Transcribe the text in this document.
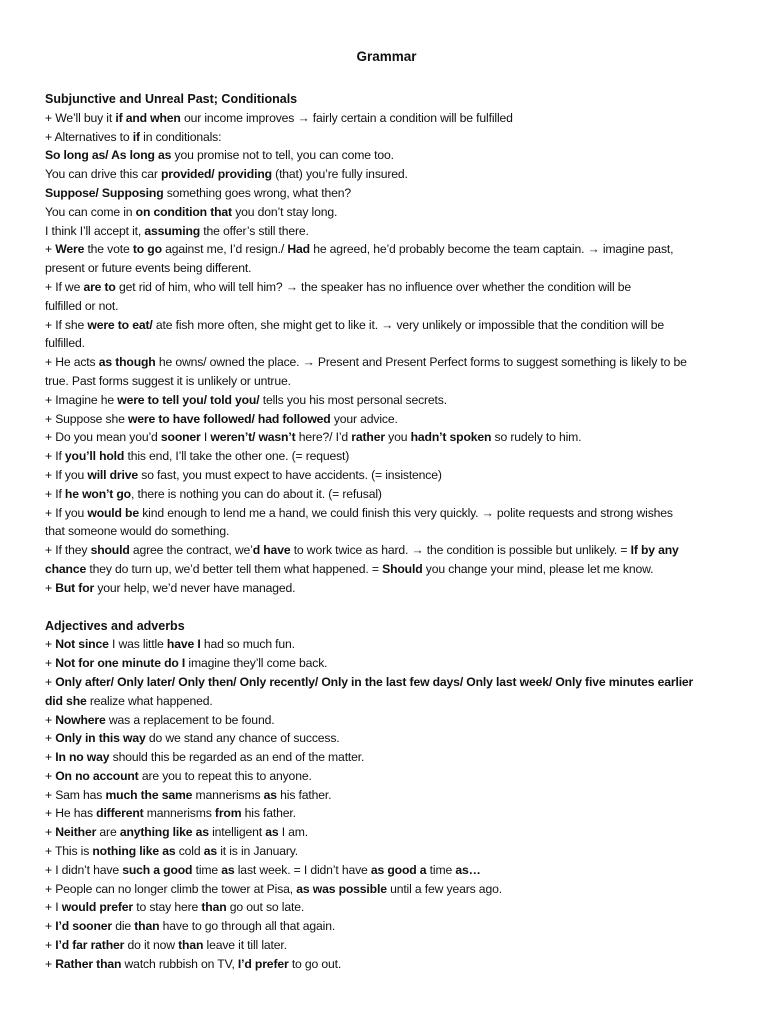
Grammar
Subjunctive and Unreal Past; Conditionals
+ We’ll buy it if and when our income improves → fairly certain a condition will be fulfilled
+ Alternatives to if in conditionals:
So long as/ As long as you promise not to tell, you can come too.
You can drive this car provided/ providing (that) you’re fully insured.
Suppose/ Supposing something goes wrong, what then?
You can come in on condition that you don’t stay long.
I think I’ll accept it, assuming the offer’s still there.
+ Were the vote to go against me, I’d resign./ Had he agreed, he’d probably become the team captain. → imagine past,
present or future events being different.
+ If we are to get rid of him, who will tell him? → the speaker has no influence over whether the condition will be
fulfilled or not.
+ If she were to eat/ ate fish more often, she might get to like it. → very unlikely or impossible that the condition will be
fulfilled.
+ He acts as though he owns/ owned the place. → Present and Present Perfect forms to suggest something is likely to be
true. Past forms suggest it is unlikely or untrue.
+ Imagine he were to tell you/ told you/ tells you his most personal secrets.
+ Suppose she were to have followed/ had followed your advice.
+ Do you mean you’d sooner I weren’t/ wasn’t here?/ I’d rather you hadn’t spoken so rudely to him.
+ If you’ll hold this end, I’ll take the other one. (= request)
+ If you will drive so fast, you must expect to have accidents. (= insistence)
+ If he won’t go, there is nothing you can do about it. (= refusal)
+ If you would be kind enough to lend me a hand, we could finish this very quickly. → polite requests and strong wishes
that someone would do something.
+ If they should agree the contract, we’d have to work twice as hard. → the condition is possible but unlikely. = If by any
chance they do turn up, we’d better tell them what happened. = Should you change your mind, please let me know.
+ But for your help, we’d never have managed.
Adjectives and adverbs
+ Not since I was little have I had so much fun.
+ Not for one minute do I imagine they’ll come back.
+ Only after/ Only later/ Only then/ Only recently/ Only in the last few days/ Only last week/ Only five minutes earlier
did she realize what happened.
+ Nowhere was a replacement to be found.
+ Only in this way do we stand any chance of success.
+ In no way should this be regarded as an end of the matter.
+ On no account are you to repeat this to anyone.
+ Sam has much the same mannerisms as his father.
+ He has different mannerisms from his father.
+ Neither are anything like as intelligent as I am.
+ This is nothing like as cold as it is in January.
+ I didn’t have such a good time as last week. = I didn’t have as good a time as…
+ People can no longer climb the tower at Pisa, as was possible until a few years ago.
+ I would prefer to stay here than go out so late.
+ I’d sooner die than have to go through all that again.
+ I’d far rather do it now than leave it till later.
+ Rather than watch rubbish on TV, I’d prefer to go out.
